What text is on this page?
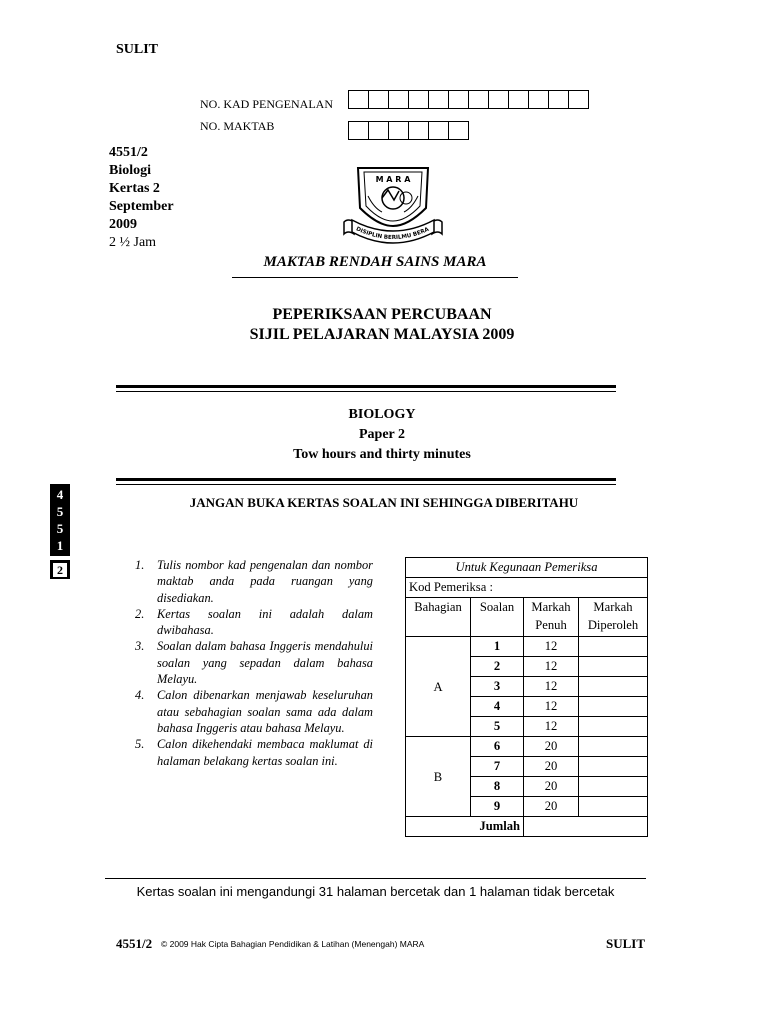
SULIT
NO. KAD PENGENALAN
NO. MAKTAB
4551/2
Biologi
Kertas 2
September
2009
2 ½ Jam
M A R A
DISIPLIN BERILMU BERA
MAKTAB RENDAH SAINS MARA
PEPERIKSAAN PERCUBAAN
SIJIL PELAJARAN MALAYSIA 2009
BIOLOGY
Paper 2
Tow hours and thirty minutes
JANGAN BUKA KERTAS SOALAN INI SEHINGGA DIBERITAHU
4
5
5
1
2	1.	Tulis nombor kad pengenalan dan nombor maktab anda pada ruangan yang disediakan.
2.	Kertas soalan ini adalah dalam dwibahasa.
3.	Soalan dalam bahasa Inggeris mendahului soalan yang sepadan dalam bahasa Melayu.
4.	Calon dibenarkan menjawab keseluruhan atau sebahagian soalan sama ada dalam bahasa Inggeris atau bahasa Melayu.
5.	Calon dikehendaki membaca maklumat di halaman belakang kertas soalan ini.
Untuk Kegunaan Pemeriksa			
Kod Pemeriksa :			
Bahagian	Soalan	Markah Penuh	Markah Diperoleh
A	1	12	
	2	12	
	3	12	
	4	12	
	5	12	
B	6	20	
	7	20	
	8	20	
	9	20	
Jumlah			
Kertas soalan ini mengandungi 31 halaman bercetak dan 1 halaman tidak bercetak
4551/2 © 2009 Hak Cipta Bahagian Pendidikan & Latihan (Menengah) MARA	SULIT
